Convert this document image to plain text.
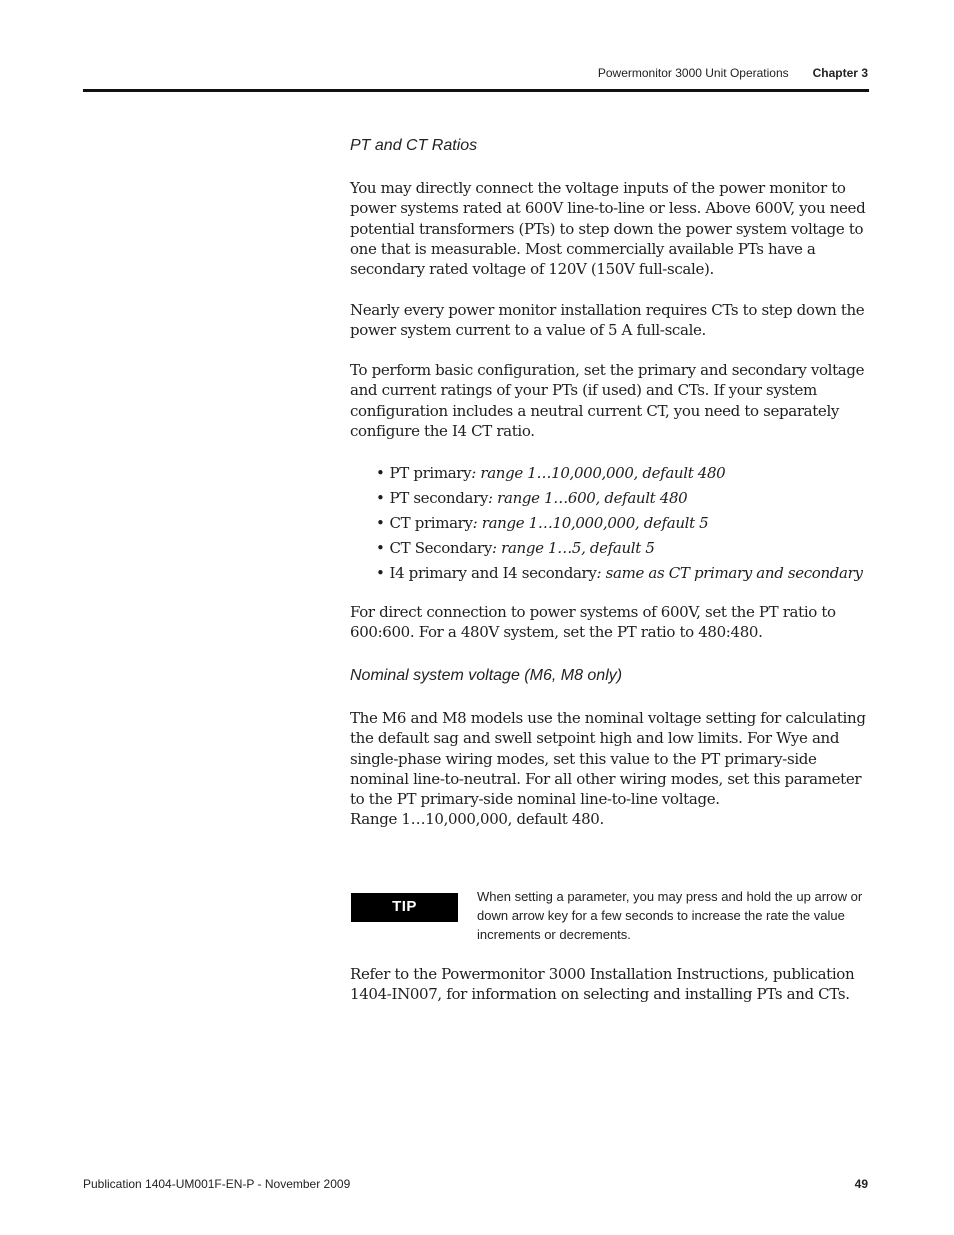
Powermonitor 3000 Unit Operations Chapter 3

PT and CT Ratios

You may directly connect the voltage inputs of the power monitor to power systems rated at 600V line-to-line or less. Above 600V, you need potential transformers (PTs) to step down the power system voltage to one that is measurable. Most commercially available PTs have a secondary rated voltage of 120V (150V full-scale).

Nearly every power monitor installation requires CTs to step down the power system current to a value of 5 A full-scale.

To perform basic configuration, set the primary and secondary voltage and current ratings of your PTs (if used) and CTs. If your system configuration includes a neutral current CT, you need to separately configure the I4 CT ratio.

• PT primary: range 1…10,000,000, default 480
• PT secondary: range 1…600, default 480
• CT primary: range 1…10,000,000, default 5
• CT Secondary: range 1…5, default 5
• I4 primary and I4 secondary: same as CT primary and secondary

For direct connection to power systems of 600V, set the PT ratio to 600:600. For a 480V system, set the PT ratio to 480:480.

Nominal system voltage (M6, M8 only)

The M6 and M8 models use the nominal voltage setting for calculating the default sag and swell setpoint high and low limits. For Wye and single-phase wiring modes, set this value to the PT primary-side nominal line-to-neutral. For all other wiring modes, set this parameter to the PT primary-side nominal line-to-line voltage.

Range 1…10,000,000, default 480.

TIP
When setting a parameter, you may press and hold the up arrow or down arrow key for a few seconds to increase the rate the value increments or decrements.

Refer to the Powermonitor 3000 Installation Instructions, publication 1404-IN007, for information on selecting and installing PTs and CTs.

Publication 1404-UM001F-EN-P - November 2009	49
